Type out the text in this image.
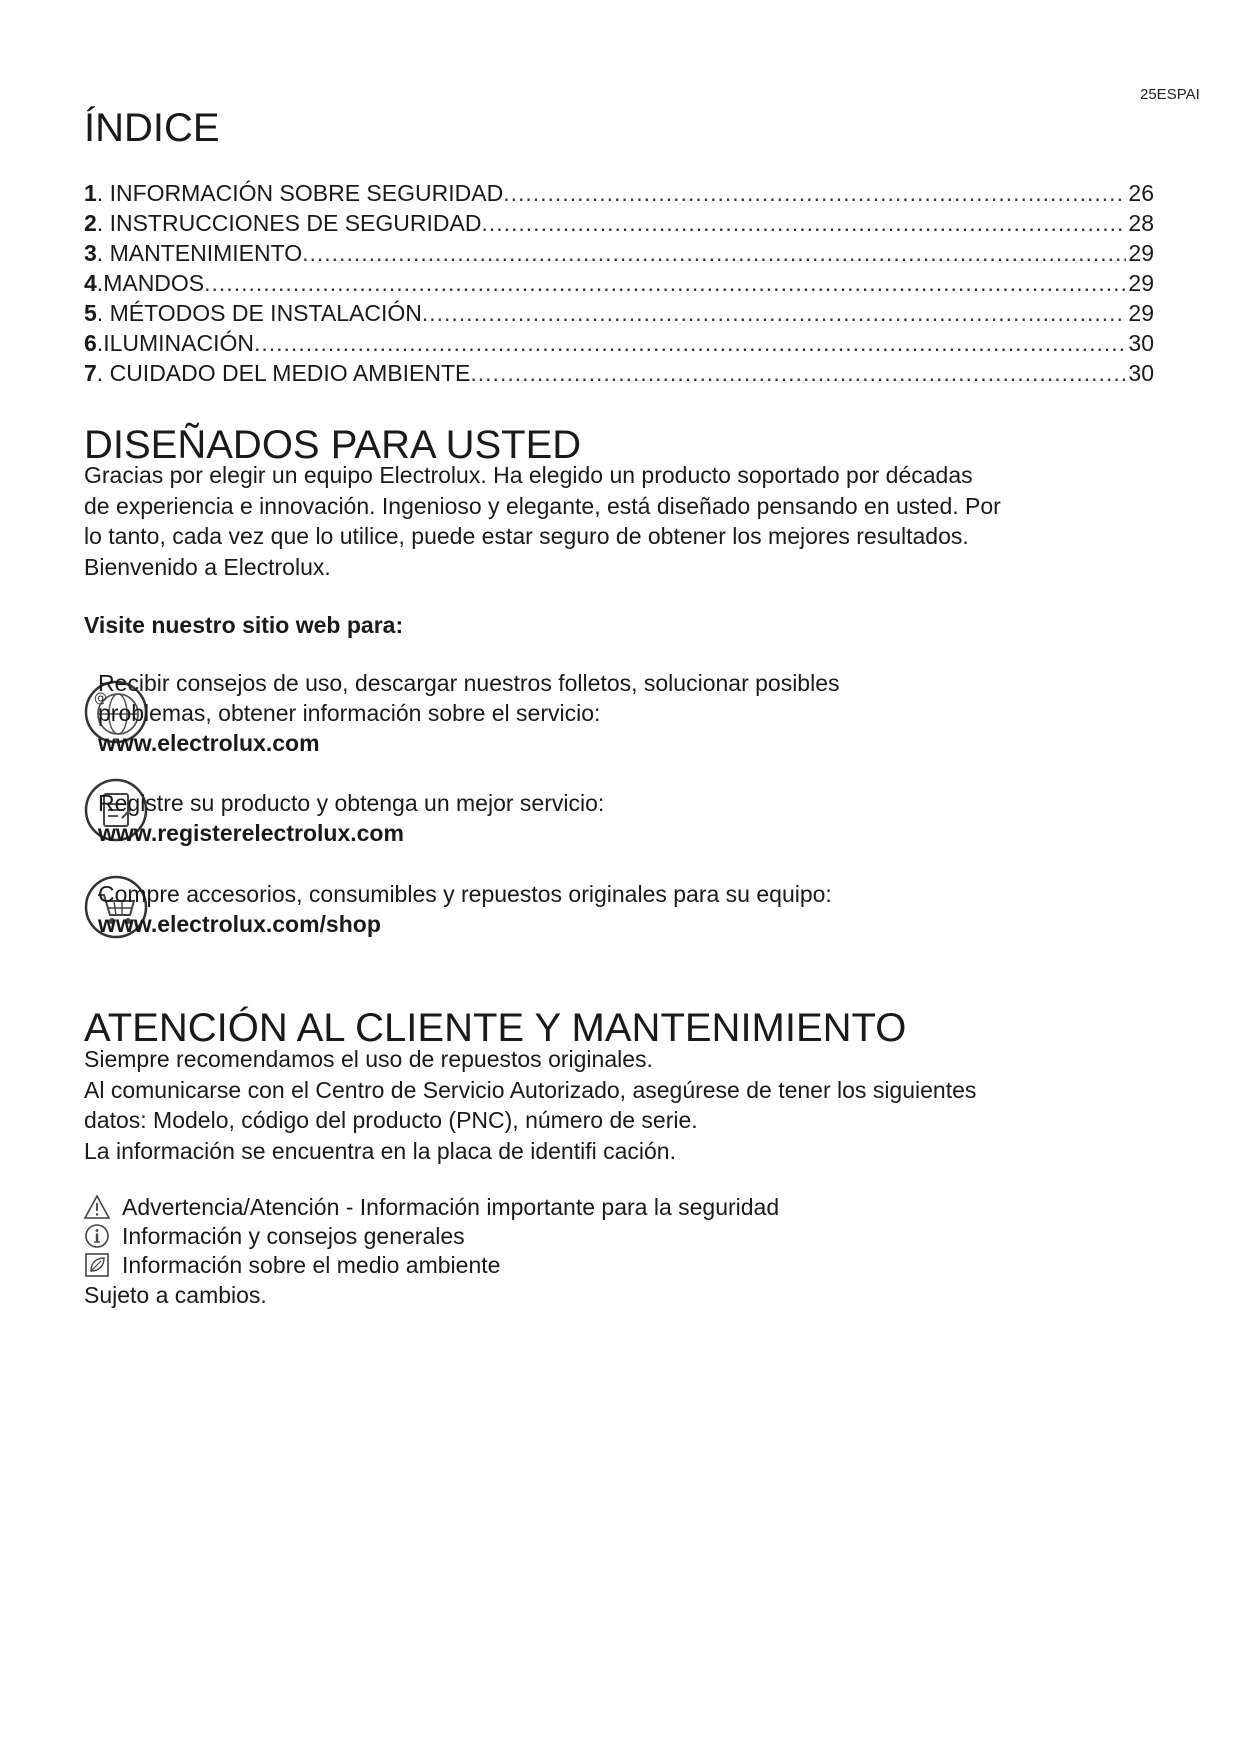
25ESPAI
ÍNDICE
1 . INFORMACIÓN SOBRE SEGURIDAD .....	26
2 . INSTRUCCIONES DE SEGURIDAD .....	28
3 . MANTENIMIENTO .....	29
4 . MANDOS .....	29
5 . MÉTODOS DE INSTALACIÓN .....	29
6 . ILUMINACIÓN .....	30
7 . CUIDADO DEL MEDIO AMBIENTE .....	30
DISEÑADOS PARA USTED
Gracias por elegir un equipo Electrolux. Ha elegido un producto soportado por décadas
de experiencia e innovación. Ingenioso y elegante, está diseñado pensando en usted. Por
lo tanto, cada vez que lo utilice, puede estar seguro de obtener los mejores resultados.
Bienvenido a Electrolux.
Visite nuestro sitio web para:
@
Recibir consejos de uso, descargar nuestros folletos, solucionar posibles
problemas, obtener información sobre el servicio:
www.electrolux.com
Registre su producto y obtenga un mejor servicio:
www.registerelectrolux.com
Compre accesorios, consumibles y repuestos originales para su equipo:
www.electrolux.com/shop
ATENCIÓN AL CLIENTE Y MANTENIMIENTO
Siempre recomendamos el uso de repuestos originales.
Al comunicarse con el Centro de Servicio Autorizado, asegúrese de tener los siguientes
datos: Modelo, código del producto (PNC), número de serie.
La información se encuentra en la placa de identifi cación.
Advertencia/Atención - Información importante para la seguridad
Información y consejos generales
Información sobre el medio ambiente
Sujeto a cambios.
